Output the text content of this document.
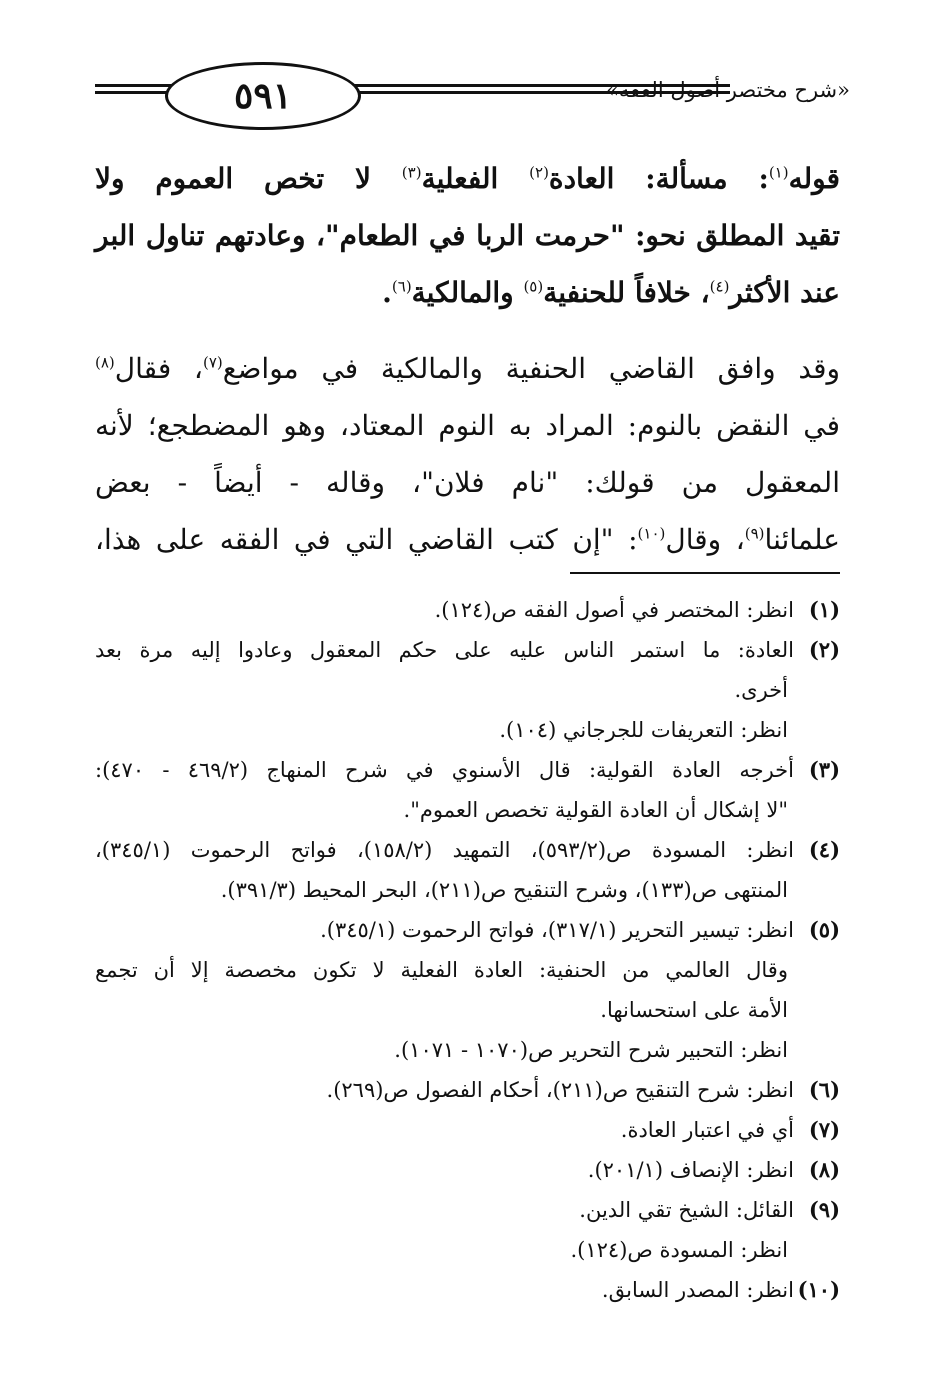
٥٩١	«شرح مختصر أصول الفقه»
قوله$^{(١)}$: مسألة: العادة$^{(٢)}$ الفعلية$^{(٣)}$ لا تخص العموم ولا
تقيد المطلق نحو: "حرمت الربا في الطعام"، وعادتهم تناول البر
عند الأكثر$^{(٤)}$، خلافاً للحنفية$^{(٥)}$ والمالكية$^{(٦)}$.
وقد وافق القاضي الحنفية والمالكية في مواضع$^{(٧)}$، فقال$^{(٨)}$
في النقض بالنوم: المراد به النوم المعتاد، وهو المضطجع؛ لأنه
المعقول من قولك: "نام فلان"، وقاله - أيضاً - بعض
علمائنا$^{(٩)}$، وقال$^{(١٠)}$: "إن كتب القاضي التي في الفقه على هذا،
(١)انظر: المختصر في أصول الفقه ص(١٢٤).
(٢)العادة: ما استمر الناس عليه على حكم المعقول وعادوا إليه مرة بعد
أخرى.
انظر: التعريفات للجرجاني (١٠٤).
(٣)أخرجه العادة القولية: قال الأسنوي في شرح المنهاج (٤٦٩/٢ - ٤٧٠):
"لا إشكال أن العادة القولية تخصص العموم".
(٤)انظر: المسودة ص(٥٩٣/٢)، التمهيد (١٥٨/٢)، فواتح الرحموت (٣٤٥/١)،
المنتهى ص(١٣٣)، وشرح التنقيح ص(٢١١)، البحر المحيط (٣٩١/٣).
(٥)انظر: تيسير التحرير (٣١٧/١)، فواتح الرحموت (٣٤٥/١).
وقال العالمي من الحنفية: العادة الفعلية لا تكون مخصصة إلا أن تجمع
الأمة على استحسانها.
انظر: التحبير شرح التحرير ص(١٠٧٠ - ١٠٧١).
(٦)انظر: شرح التنقيح ص(٢١١)، أحكام الفصول ص(٢٦٩).
(٧)أي في اعتبار العادة.
(٨)انظر: الإنصاف (٢٠١/١).
(٩)القائل: الشيخ تقي الدين.
انظر: المسودة ص(١٢٤).
(١٠)انظر: المصدر السابق.
